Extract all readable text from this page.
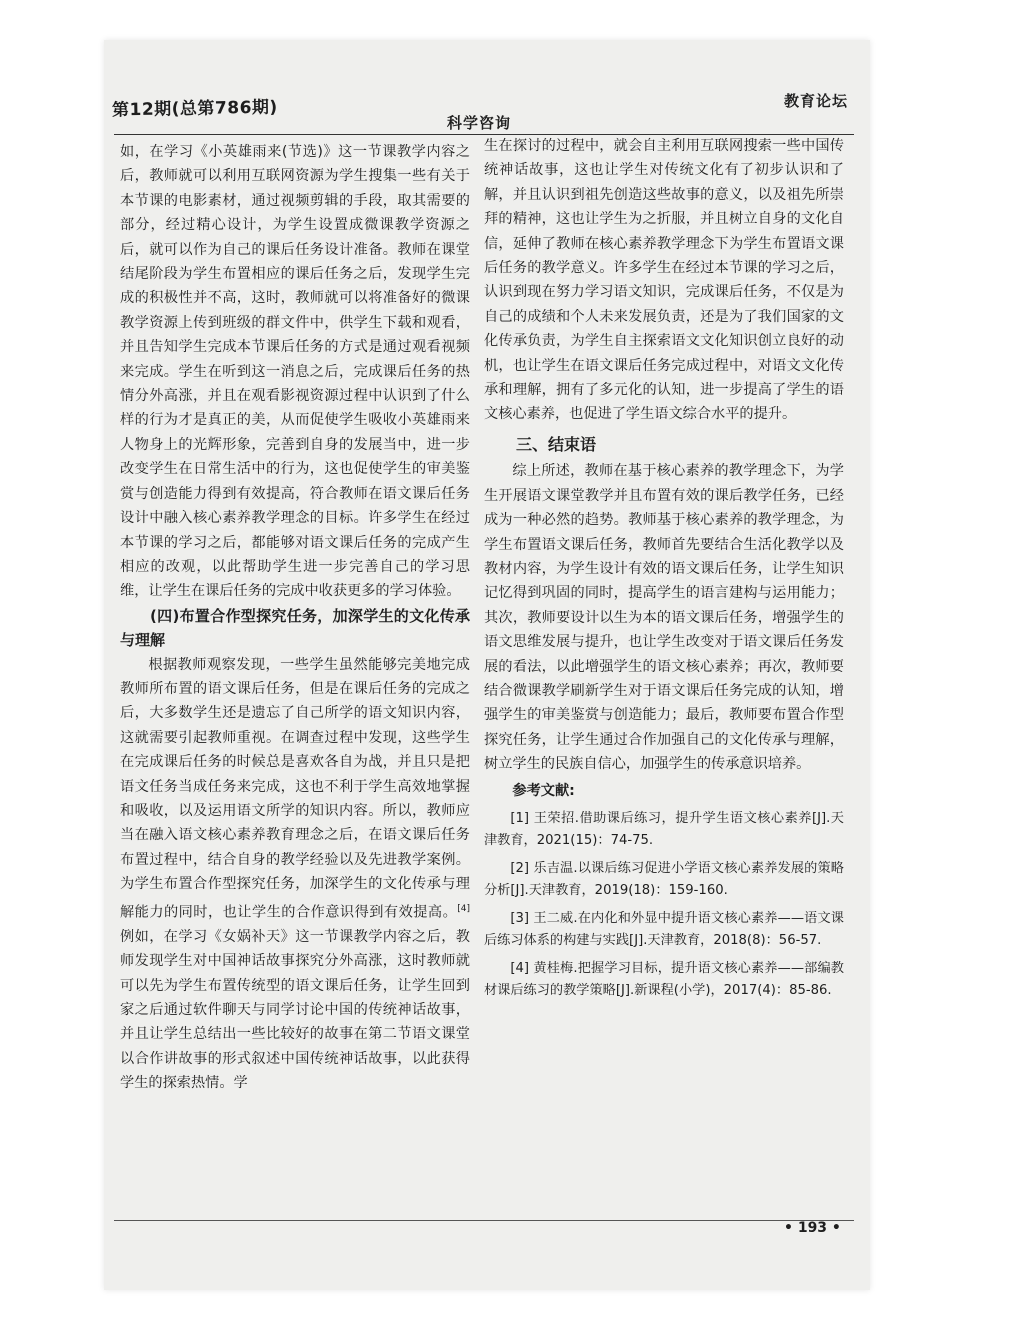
第12期(总第786期)	教育论坛
科学咨询

如，在学习《小英雄雨来(节选)》这一节课教学内容之后，教师就可以利用互联网资源为学生搜集一些有关于本节课的电影素材，通过视频剪辑的手段，取其需要的部分，经过精心设计，为学生设置成微课教学资源之后，就可以作为自己的课后任务设计准备。教师在课堂结尾阶段为学生布置相应的课后任务之后，发现学生完成的积极性并不高，这时，教师就可以将准备好的微课教学资源上传到班级的群文件中，供学生下载和观看，并且告知学生完成本节课后任务的方式是通过观看视频来完成。学生在听到这一消息之后，完成课后任务的热情分外高涨，并且在观看影视资源过程中认识到了什么样的行为才是真正的美，从而促使学生吸收小英雄雨来人物身上的光辉形象，完善到自身的发展当中，进一步改变学生在日常生活中的行为，这也促使学生的审美鉴赏与创造能力得到有效提高，符合教师在语文课后任务设计中融入核心素养教学理念的目标。许多学生在经过本节课的学习之后，都能够对语文课后任务的完成产生相应的改观，以此帮助学生进一步完善自己的学习思维，让学生在课后任务的完成中收获更多的学习体验。

(四)布置合作型探究任务，加深学生的文化传承与理解

根据教师观察发现，一些学生虽然能够完美地完成教师所布置的语文课后任务，但是在课后任务的完成之后，大多数学生还是遗忘了自己所学的语文知识内容，这就需要引起教师重视。在调查过程中发现，这些学生在完成课后任务的时候总是喜欢各自为战，并且只是把语文任务当成任务来完成，这也不利于学生高效地掌握和吸收，以及运用语文所学的知识内容。所以，教师应当在融入语文核心素养教育理念之后，在语文课后任务布置过程中，结合自身的教学经验以及先进教学案例。为学生布置合作型探究任务，加深学生的文化传承与理解能力的同时，也让学生的合作意识得到有效提高。[4]例如，在学习《女娲补天》这一节课教学内容之后，教师发现学生对中国神话故事探究分外高涨，这时教师就可以先为学生布置传统型的语文课后任务，让学生回到家之后通过软件聊天与同学讨论中国的传统神话故事，并且让学生总结出一些比较好的故事在第二节语文课堂以合作讲故事的形式叙述中国传统神话故事，以此获得学生的探索热情。学

生在探讨的过程中，就会自主利用互联网搜索一些中国传统神话故事，这也让学生对传统文化有了初步认识和了解，并且认识到祖先创造这些故事的意义，以及祖先所崇拜的精神，这也让学生为之折服，并且树立自身的文化自信，延伸了教师在核心素养教学理念下为学生布置语文课后任务的教学意义。许多学生在经过本节课的学习之后，认识到现在努力学习语文知识，完成课后任务，不仅是为自己的成绩和个人未来发展负责，还是为了我们国家的文化传承负责，为学生自主探索语文文化知识创立良好的动机，也让学生在语文课后任务完成过程中，对语文文化传承和理解，拥有了多元化的认知，进一步提高了学生的语文核心素养，也促进了学生语文综合水平的提升。

三、结束语

综上所述，教师在基于核心素养的教学理念下，为学生开展语文课堂教学并且布置有效的课后教学任务，已经成为一种必然的趋势。教师基于核心素养的教学理念，为学生布置语文课后任务，教师首先要结合生活化教学以及教材内容，为学生设计有效的语文课后任务，让学生知识记忆得到巩固的同时，提高学生的语言建构与运用能力；其次，教师要设计以生为本的语文课后任务，增强学生的语文思维发展与提升，也让学生改变对于语文课后任务发展的看法，以此增强学生的语文核心素养；再次，教师要结合微课教学刷新学生对于语文课后任务完成的认知，增强学生的审美鉴赏与创造能力；最后，教师要布置合作型探究任务，让学生通过合作加强自己的文化传承与理解，树立学生的民族自信心，加强学生的传承意识培养。

参考文献:

[1] 王荣招.借助课后练习，提升学生语文核心素养[J].天津教育，2021(15)：74-75.

[2] 乐吉温.以课后练习促进小学语文核心素养发展的策略分析[J].天津教育，2019(18)：159-160.

[3] 王二威.在内化和外显中提升语文核心素养——语文课后练习体系的构建与实践[J].天津教育，2018(8)：56-57.

[4] 黄桂梅.把握学习目标，提升语文核心素养——部编教材课后练习的教学策略[J].新课程(小学)，2017(4)：85-86.

• 193 •
